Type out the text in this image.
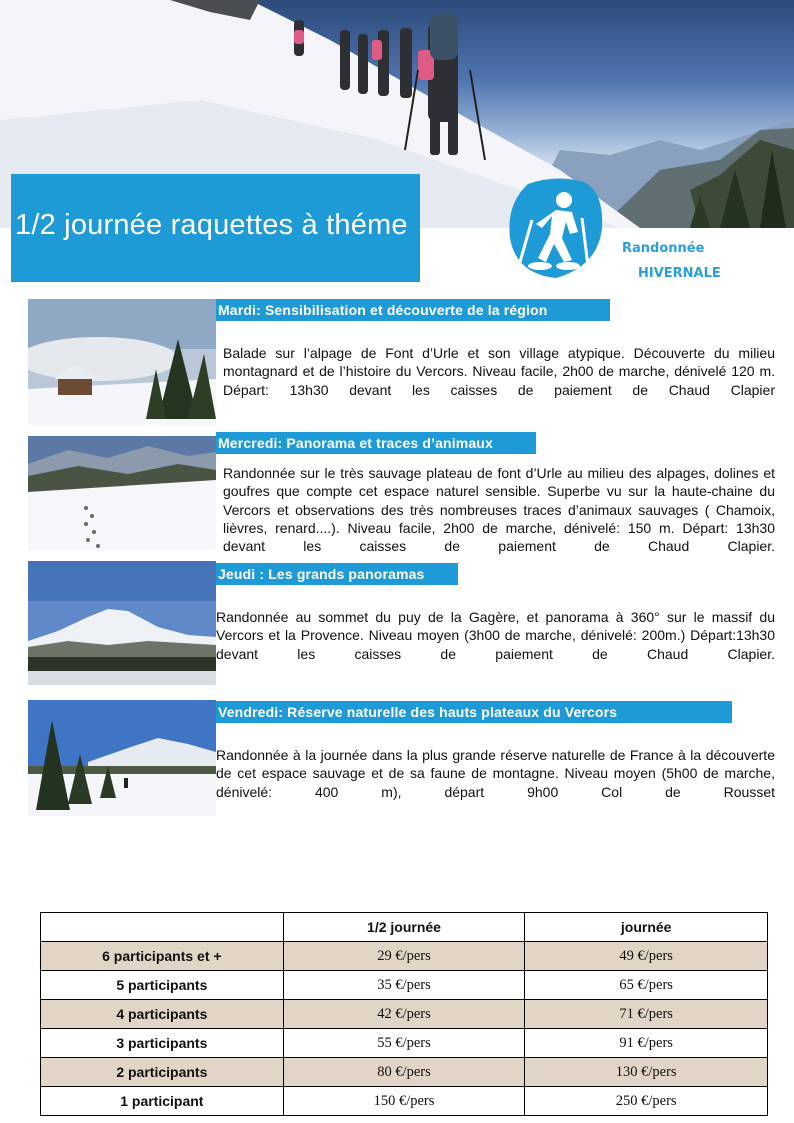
1/2 journée raquettes à théme
Randonnée
HIVERNALE
Mardi: Sensibilisation et découverte de la région
Balade sur l’alpage de Font d’Urle et son village atypique. Découverte du milieu montagnard et de l’histoire du Vercors. Niveau facile, 2h00 de marche, dénivelé 120 m. Départ: 13h30 devant les caisses de paiement de Chaud Clapier
Mercredi: Panorama et traces d’animaux
Randonnée sur le très sauvage plateau de font d’Urle au milieu des alpages, dolines et goufres que compte cet espace naturel sensible. Superbe vu sur la haute-chaine du Vercors et observations des très nombreuses traces d’animaux sauvages ( Chamoix, lièvres, renard....). Niveau facile, 2h00 de marche, dénivelé: 150 m. Départ: 13h30 devant les caisses de paiement de Chaud Clapier.
Jeudi : Les grands panoramas
Randonnée au sommet du puy de la Gagère, et panorama à 360° sur le massif du Vercors et la Provence. Niveau moyen (3h00 de marche, dénivelé: 200m.) Départ:13h30 devant les caisses de paiement de Chaud Clapier.
Vendredi: Réserve naturelle des hauts plateaux du Vercors
Randonnée à la journée dans la plus grande réserve naturelle de France à la découverte de cet espace sauvage et de sa faune de montagne. Niveau moyen (5h00 de marche, dénivelé: 400 m), départ 9h00 Col de Rousset
	1/2 journée	journée
6 participants et +	29 €/pers	49 €/pers
5 participants	35 €/pers	65 €/pers
4 participants	42 €/pers	71 €/pers
3 participants	55 €/pers	91 €/pers
2 participants	80 €/pers	130 €/pers
1 participant	150 €/pers	250 €/pers
